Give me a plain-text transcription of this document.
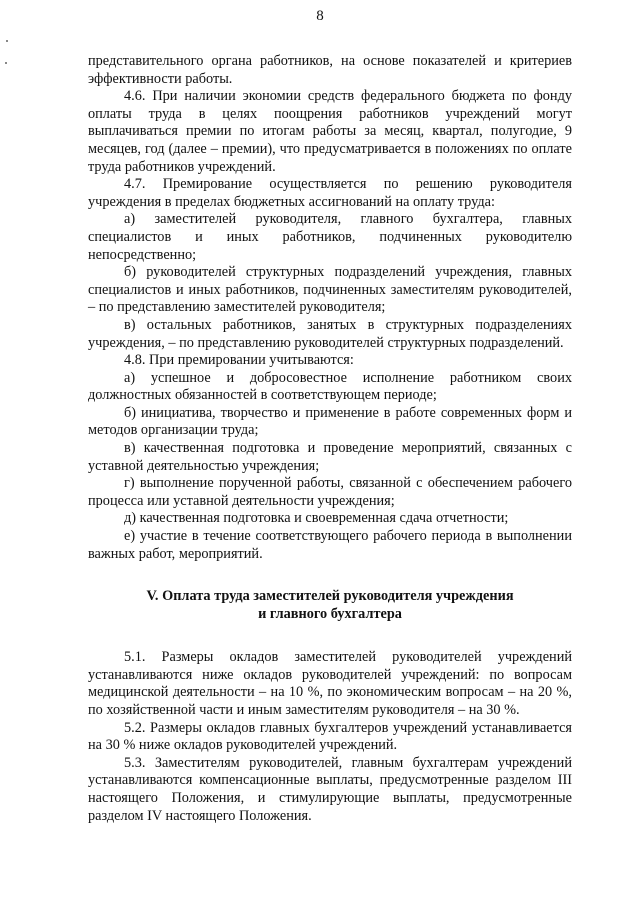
8

представительного органа работников, на основе показателей и критериев эффективности работы.

4.6. При наличии экономии средств федерального бюджета по фонду оплаты труда в целях поощрения работников учреждений могут выплачиваться премии по итогам работы за месяц, квартал, полугодие, 9 месяцев, год (далее – премии), что предусматривается в положениях по оплате труда работников учреждений.

4.7. Премирование осуществляется по решению руководителя учреждения в пределах бюджетных ассигнований на оплату труда:

а) заместителей руководителя, главного бухгалтера, главных специалистов и иных работников, подчиненных руководителю непосредственно;

б) руководителей структурных подразделений учреждения, главных специалистов и иных работников, подчиненных заместителям руководителей, – по представлению заместителей руководителя;

в) остальных работников, занятых в структурных подразделениях учреждения, – по представлению руководителей структурных подразделений.

4.8. При премировании учитываются:

а) успешное и добросовестное исполнение работником своих должностных обязанностей в соответствующем периоде;

б) инициатива, творчество и применение в работе современных форм и методов организации труда;

в) качественная подготовка и проведение мероприятий, связанных с уставной деятельностью учреждения;

г) выполнение порученной работы, связанной с обеспечением рабочего процесса или уставной деятельности учреждения;

д) качественная подготовка и своевременная сдача отчетности;

е) участие в течение соответствующего рабочего периода в выполнении важных работ, мероприятий.

V. Оплата труда заместителей руководителя учреждения
и главного бухгалтера

5.1. Размеры окладов заместителей руководителей учреждений устанавливаются ниже окладов руководителей учреждений: по вопросам медицинской деятельности – на 10 %, по экономическим вопросам – на 20 %, по хозяйственной части и иным заместителям руководителя – на 30 %.

5.2. Размеры окладов главных бухгалтеров учреждений устанавливается на 30 % ниже окладов руководителей учреждений.

5.3. Заместителям руководителей, главным бухгалтерам учреждений устанавливаются компенсационные выплаты, предусмотренные разделом III настоящего Положения, и стимулирующие выплаты, предусмотренные разделом IV настоящего Положения.
